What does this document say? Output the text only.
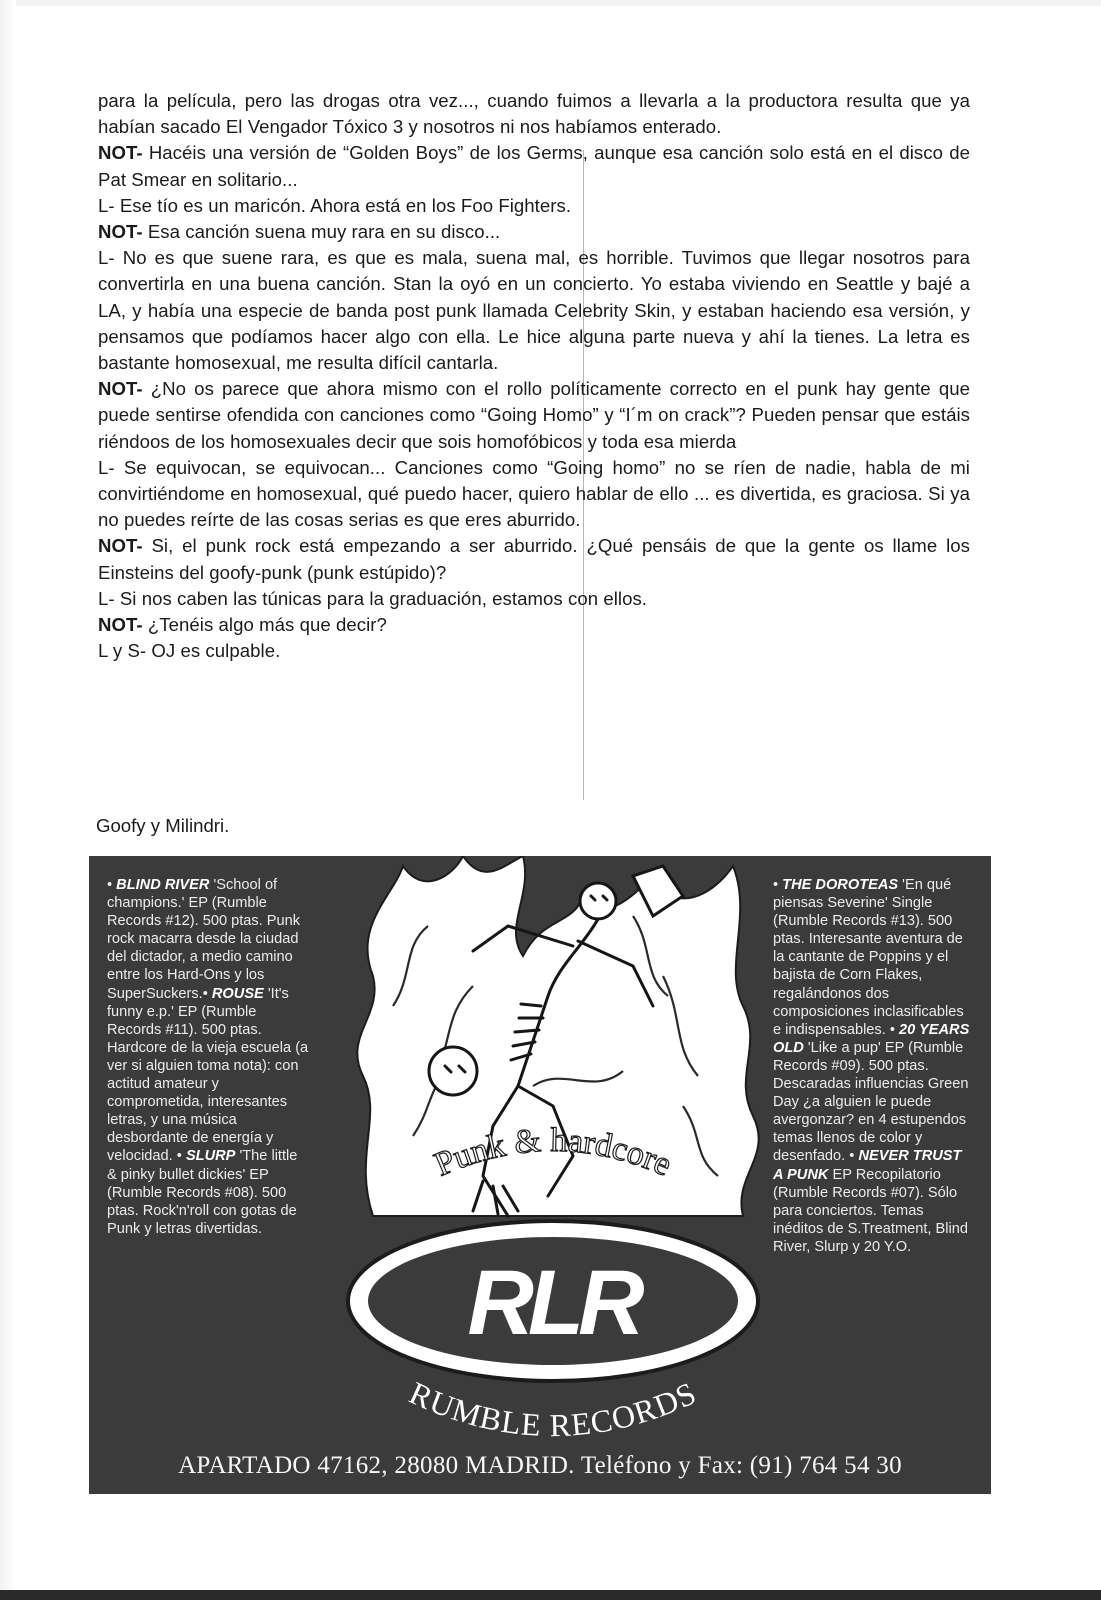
para la película, pero las drogas otra vez..., cuando fuimos a llevarla a la productora resulta que ya habían sacado El Vengador Tóxico 3 y nosotros ni nos habíamos enterado.

NOT- Hacéis una versión de “Golden Boys” de los Germs, aunque esa canción solo está en el disco de Pat Smear en solitario...

L- Ese tío es un maricón. Ahora está en los Foo Fighters.

NOT- Esa canción suena muy rara en su disco...

L- No es que suene rara, es que es mala, suena mal, es horrible. Tuvimos que llegar nosotros para convertirla en una buena canción. Stan la oyó en un concierto. Yo estaba viviendo en Seattle y bajé a LA, y había una especie de banda post punk llamada Celebrity Skin, y estaban haciendo esa versión, y pensamos que podíamos hacer algo con ella. Le hice alguna parte nueva y ahí la tienes. La letra es bastante homosexual, me resulta difícil cantarla.

NOT- ¿No os parece que ahora mismo con el rollo políticamente correcto en el punk hay gente que puede sentirse ofendida con canciones como “Going Homo” y “I´m on crack”? Pueden pensar que estáis riéndoos de los homosexuales decir que sois homofóbicos y toda esa mierda

L- Se equivocan, se equivocan... Canciones como “Going homo” no se ríen de nadie, habla de mi convirtiéndome en homosexual, qué puedo hacer, quiero hablar de ello ... es divertida, es graciosa. Si ya no puedes reírte de las cosas serias es que eres aburrido.

NOT- Si, el punk rock está empezando a ser aburrido. ¿Qué pensáis de que la gente os llame los Einsteins del goofy-punk (punk estúpido)?

L- Si nos caben las túnicas para la graduación, estamos con ellos.

NOT- ¿Tenéis algo más que decir?

L y S- OJ es culpable.

Goofy y Milindri.

• BLIND RIVER 'School of champions.' EP (Rumble Records #12). 500 ptas. Punk rock macarra desde la ciudad del dictador, a medio camino entre los Hard-Ons y los SuperSuckers.• ROUSE 'It's funny e.p.' EP (Rumble Records #11). 500 ptas. Hardcore de la vieja escuela (a ver si alguien toma nota): con actitud amateur y comprometida, interesantes letras, y una música desbordante de energía y velocidad. • SLURP 'The little & pinky bullet dickies' EP (Rumble Records #08). 500 ptas. Rock'n'roll con gotas de Punk y letras divertidas.

Punk & hardcore
RLR
RUMBLE RECORDS

• THE DOROTEAS 'En qué piensas Severine' Single (Rumble Records #13). 500 ptas. Interesante aventura de la cantante de Poppins y el bajista de Corn Flakes, regalándonos dos composiciones inclasificables e indispensables. • 20 YEARS OLD 'Like a pup' EP (Rumble Records #09). 500 ptas. Descaradas influencias Green Day ¿a alguien le puede avergonzar? en 4 estupendos temas llenos de color y desenfado. • NEVER TRUST A PUNK EP Recopilatorio (Rumble Records #07). Sólo para conciertos. Temas inéditos de S.Treatment, Blind River, Slurp y 20 Y.O.

APARTADO 47162, 28080 MADRID. Teléfono y Fax: (91) 764 54 30
